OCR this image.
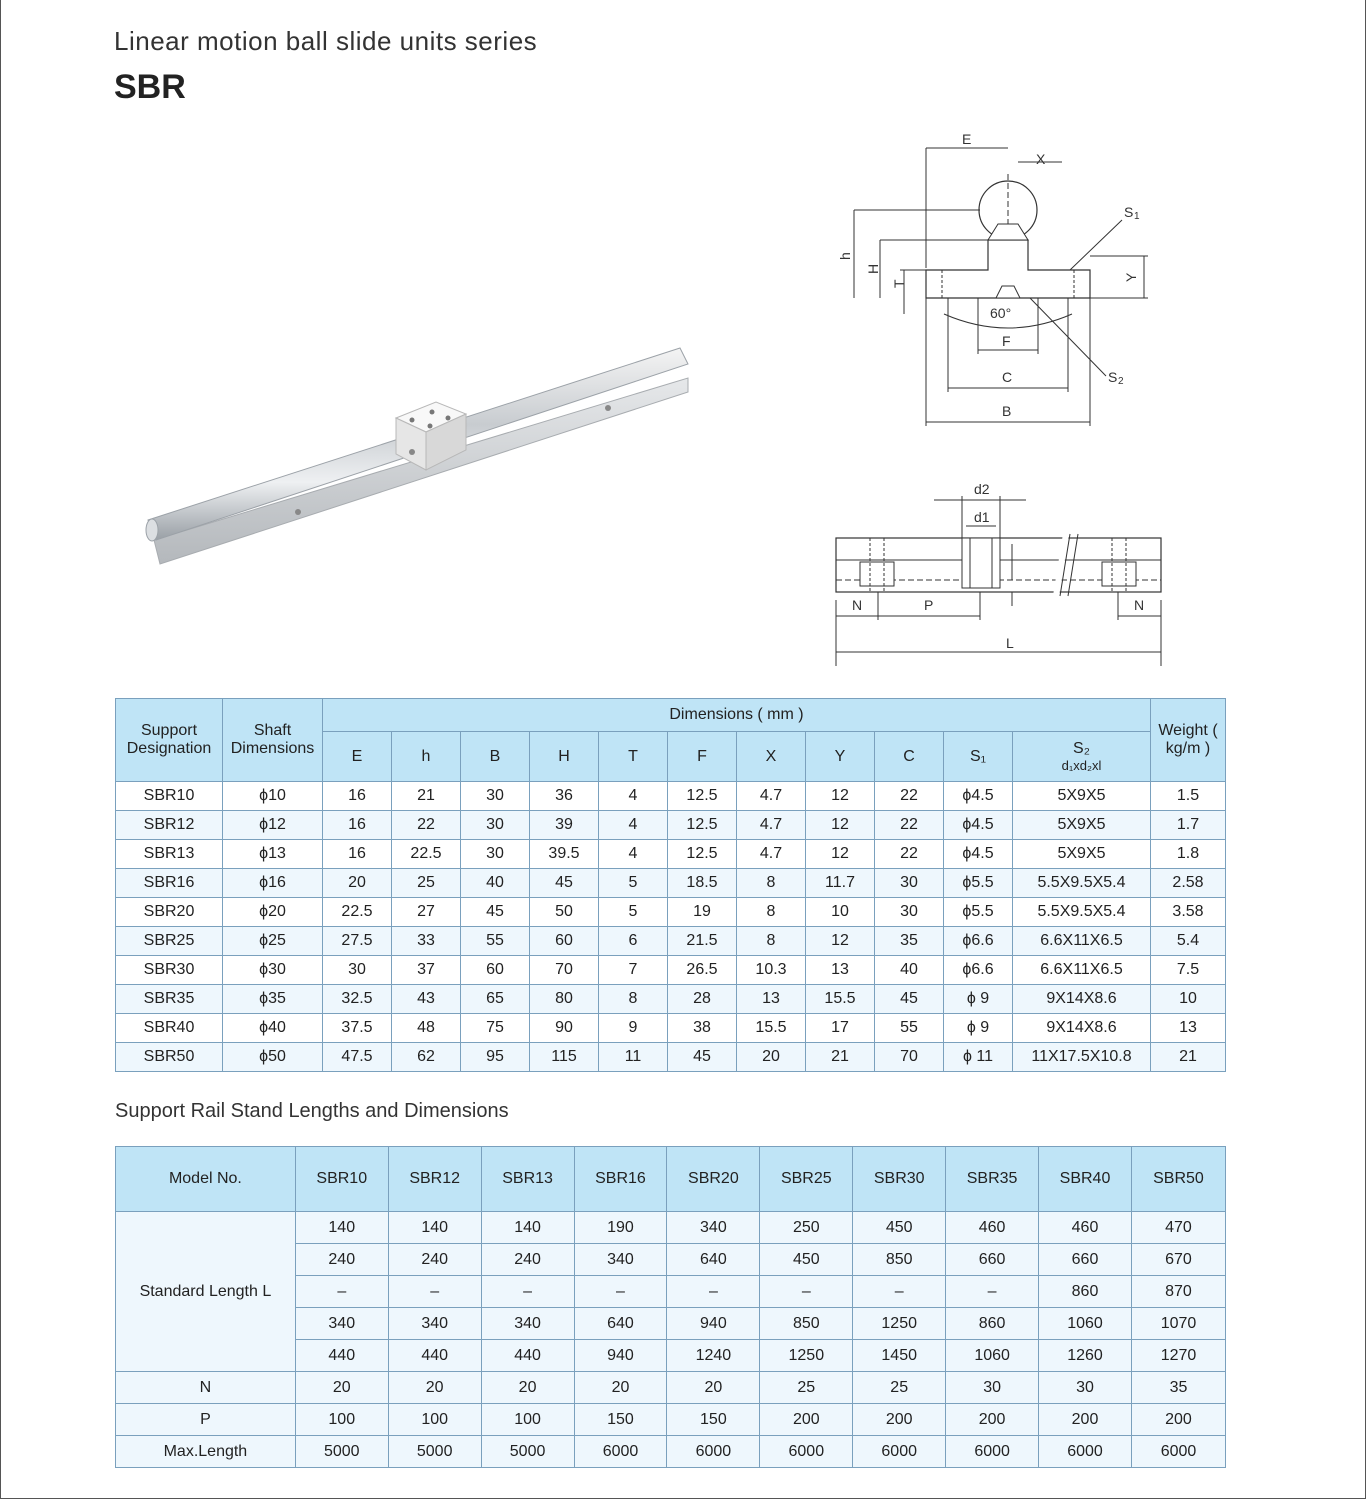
Linear motion ball slide units series
SBR
E
X
S 1
h
H
T
Y
60°
S 2
F
C
B
d2
d1
N	P	N
L
Support Designation	Shaft Dimensions	Dimensions ( mm )											Weight ( kg/m )
		E	h	B	H	T	F	X	Y	C	S₁	S₂
d₁xd₂xl	

SBR10	ϕ10	16	21	30	36	4	12.5	4.7	12	22	ϕ4.5	5X9X5	1.5
SBR12	ϕ12	16	22	30	39	4	12.5	4.7	12	22	ϕ4.5	5X9X5	1.7
SBR13	ϕ13	16	22.5	30	39.5	4	12.5	4.7	12	22	ϕ4.5	5X9X5	1.8
SBR16	ϕ16	20	25	40	45	5	18.5	8	11.7	30	ϕ5.5	5.5X9.5X5.4	2.58
SBR20	ϕ20	22.5	27	45	50	5	19	8	10	30	ϕ5.5	5.5X9.5X5.4	3.58
SBR25	ϕ25	27.5	33	55	60	6	21.5	8	12	35	ϕ6.6	6.6X11X6.5	5.4
SBR30	ϕ30	30	37	60	70	7	26.5	10.3	13	40	ϕ6.6	6.6X11X6.5	7.5
SBR35	ϕ35	32.5	43	65	80	8	28	13	15.5	45	ϕ 9	9X14X8.6	10
SBR40	ϕ40	37.5	48	75	90	9	38	15.5	17	55	ϕ 9	9X14X8.6	13
SBR50	ϕ50	47.5	62	95	115	11	45	20	21	70	ϕ 11	11X17.5X10.8	21
Support Rail Stand Lengths and Dimensions
Model No.	SBR10	SBR12	SBR13	SBR16	SBR20	SBR25	SBR30	SBR35	SBR40	SBR50
Standard Length L	140	140	140	190	340	250	450	460	460	470
	240	240	240	340	640	450	850	660	660	670
	–	–	–	–	–	–	–	–	860	870
	340	340	340	640	940	850	1250	860	1060	1070
	440	440	440	940	1240	1250	1450	1060	1260	1270
N	20	20	20	20	20	25	25	30	30	35
P	100	100	100	150	150	200	200	200	200	200
Max.Length	5000	5000	5000	6000	6000	6000	6000	6000	6000	6000
